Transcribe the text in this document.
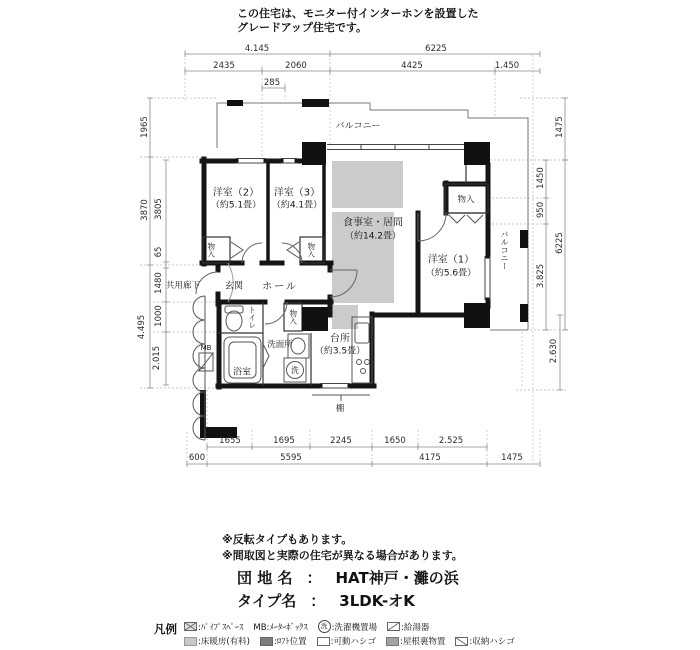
この住宅は、モニター付インターホンを設置した
グレードアップ住宅です。
4.145	6225
2435	2060	4425	1.450
285
1965
3870
4.495
3805
65
1480
1000
2.015
1475
1450
950
6225
3.825
2.630
1655	1695	2245	1650	2.525
600	5595	4175	1475
バルコニー
洋室（2）
（約5.1畳）
洋室（3）
（約4.1畳）
食事室・居間
（約14.2畳）
洋室（1）
（約5.6畳）
台所
（約3.5畳）
玄関 ホール
共用廊下
洗面所
浴室
MB
棚
物入
物入	物入
物入
トイレ
バルコニー
洗
※反転タイプもあります。
※間取図と実際の住宅が異なる場合があります。
団 地 名 ： HAT神戸・灘の浜
タイプ名 ： 3LDK-オK
凡例 :ﾊﾟｲﾌﾟｽﾍﾟｰｽ MB:ﾒｰﾀｰﾎﾞｯｸｽ 洗 :洗濯機置場	:給湯器
:床暖房(有料)	:ﾛﾌﾄ位置	:可動ハシゴ	:屋根裏物置	:収納ハシゴ
